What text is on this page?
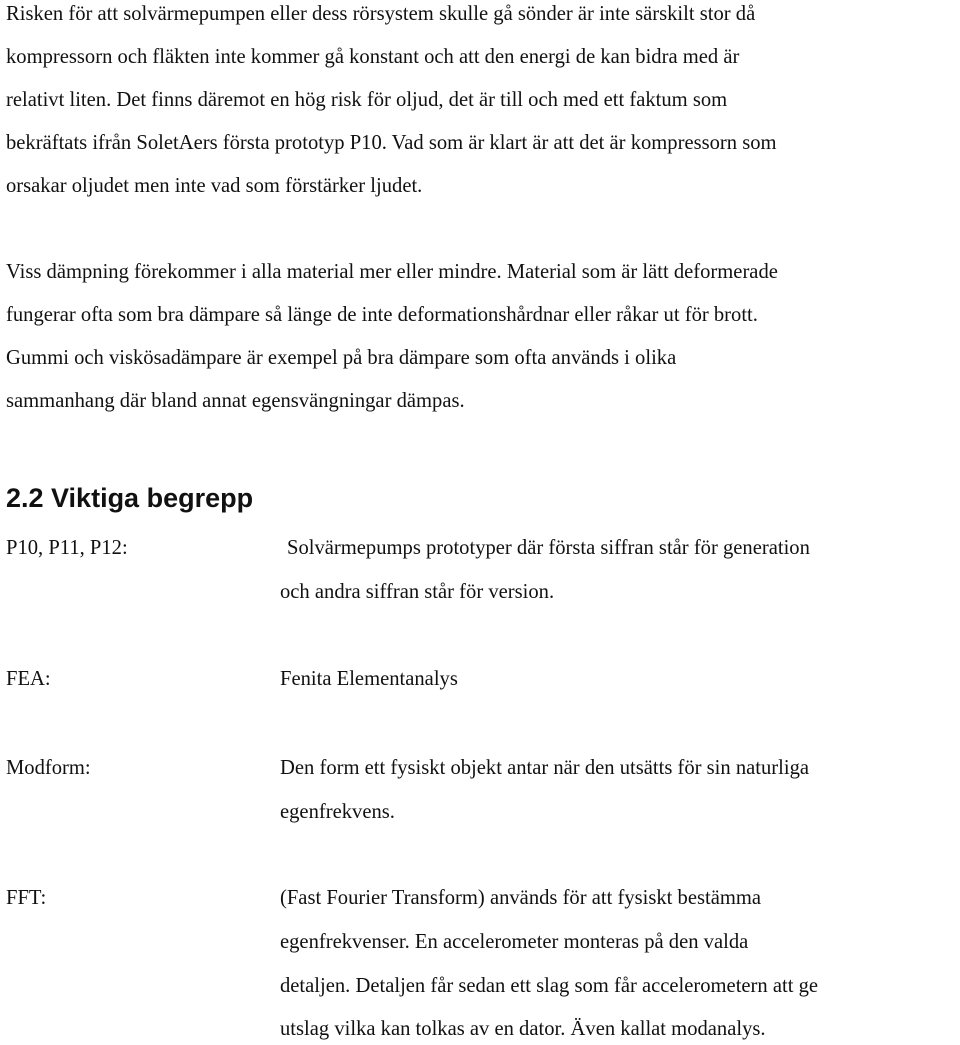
Risken för att solvärmepumpen eller dess rörsystem skulle gå sönder är inte särskilt stor då
kompressorn och fläkten inte kommer gå konstant och att den energi de kan bidra med är
relativt liten. Det finns däremot en hög risk för oljud, det är till och med ett faktum som
bekräftats ifrån SoletAers första prototyp P10. Vad som är klart är att det är kompressorn som
orsakar oljudet men inte vad som förstärker ljudet.
Viss dämpning förekommer i alla material mer eller mindre. Material som är lätt deformerade
fungerar ofta som bra dämpare så länge de inte deformationshårdnar eller råkar ut för brott.
Gummi och viskösadämpare är exempel på bra dämpare som ofta används i olika
sammanhang där bland annat egensvängningar dämpas.
2.2 Viktiga begrepp
P10, P11, P12:	Solvärmepumps prototyper där första siffran står för generation
och andra siffran står för version.
FEA:	Fenita Elementanalys
Modform:	Den form ett fysiskt objekt antar när den utsätts för sin naturliga
egenfrekvens.
FFT:	(Fast Fourier Transform) används för att fysiskt bestämma
egenfrekvenser. En accelerometer monteras på den valda
detaljen. Detaljen får sedan ett slag som får accelerometern att ge
utslag vilka kan tolkas av en dator. Även kallat modanalys.
